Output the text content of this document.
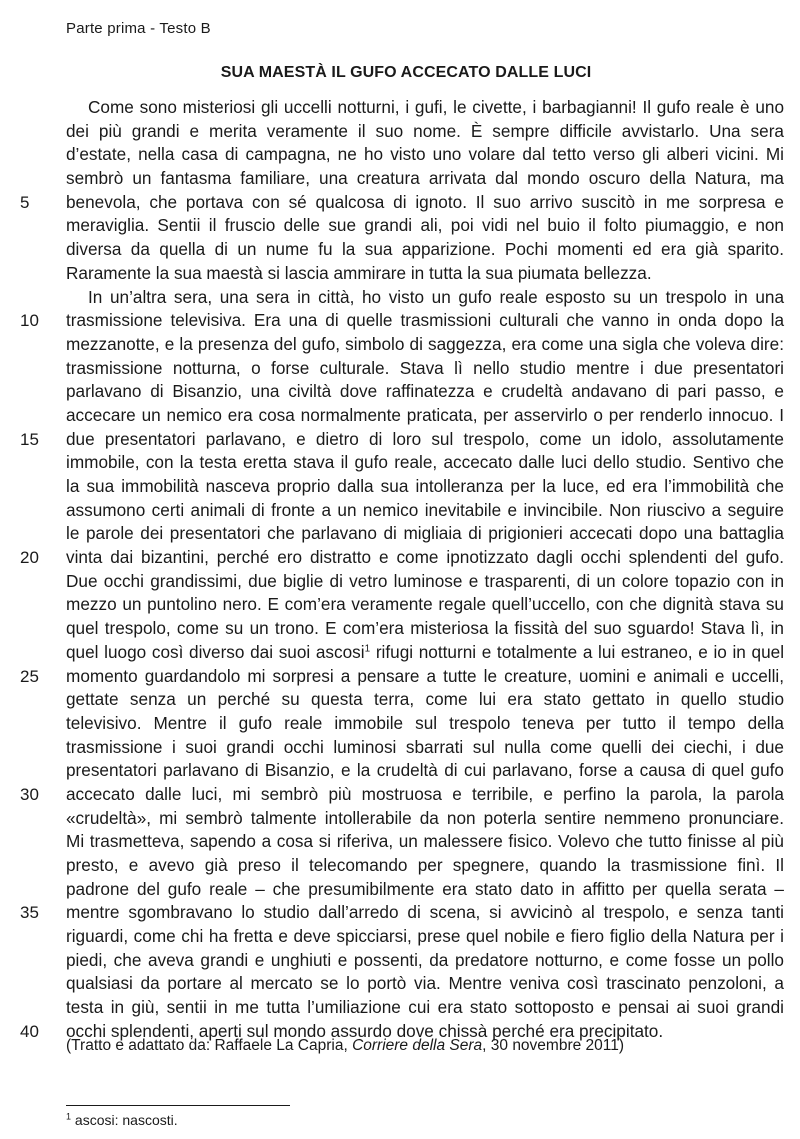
Parte prima - Testo B
SUA MAESTÀ IL GUFO ACCECATO DALLE LUCI
Come sono misteriosi gli uccelli notturni, i gufi, le civette, i barbagianni! Il gufo reale è uno
dei più grandi e merita veramente il suo nome. È sempre difficile avvistarlo. Una sera
d’estate, nella casa di campagna, ne ho visto uno volare dal tetto verso gli alberi vicini. Mi
sembrò un fantasma familiare, una creatura arrivata dal mondo oscuro della Natura, ma
benevola, che portava con sé qualcosa di ignoto. Il suo arrivo suscitò in me sorpresa e
5
meraviglia. Sentii il fruscio delle sue grandi ali, poi vidi nel buio il folto piumaggio, e non
diversa da quella di un nume fu la sua apparizione. Pochi momenti ed era già sparito.
Raramente la sua maestà si lascia ammirare in tutta la sua piumata bellezza.
In un’altra sera, una sera in città, ho visto un gufo reale esposto su un trespolo in una
trasmissione televisiva. Era una di quelle trasmissioni culturali che vanno in onda dopo la
10
mezzanotte, e la presenza del gufo, simbolo di saggezza, era come una sigla che voleva dire:
trasmissione notturna, o forse culturale. Stava lì nello studio mentre i due presentatori
parlavano di Bisanzio, una civiltà dove raffinatezza e crudeltà andavano di pari passo, e
accecare un nemico era cosa normalmente praticata, per asservirlo o per renderlo innocuo. I
due presentatori parlavano, e dietro di loro sul trespolo, come un idolo, assolutamente
15
immobile, con la testa eretta stava il gufo reale, accecato dalle luci dello studio. Sentivo che
la sua immobilità nasceva proprio dalla sua intolleranza per la luce, ed era l’immobilità che
assumono certi animali di fronte a un nemico inevitabile e invincibile. Non riuscivo a seguire
le parole dei presentatori che parlavano di migliaia di prigionieri accecati dopo una battaglia
vinta dai bizantini, perché ero distratto e come ipnotizzato dagli occhi splendenti del gufo.
20
Due occhi grandissimi, due biglie di vetro luminose e trasparenti, di un colore topazio con in
mezzo un puntolino nero. E com’era veramente regale quell’uccello, con che dignità stava su
quel trespolo, come su un trono. E com’era misteriosa la fissità del suo sguardo! Stava lì, in
quel luogo così diverso dai suoi ascosi$^1$ rifugi notturni e totalmente a lui estraneo, e io in quel
momento guardandolo mi sorpresi a pensare a tutte le creature, uomini e animali e uccelli,
25
gettate senza un perché su questa terra, come lui era stato gettato in quello studio
televisivo. Mentre il gufo reale immobile sul trespolo teneva per tutto il tempo della
trasmissione i suoi grandi occhi luminosi sbarrati sul nulla come quelli dei ciechi, i due
presentatori parlavano di Bisanzio, e la crudeltà di cui parlavano, forse a causa di quel gufo
accecato dalle luci, mi sembrò più mostruosa e terribile, e perfino la parola, la parola
30
«crudeltà», mi sembrò talmente intollerabile da non poterla sentire nemmeno pronunciare.
Mi trasmetteva, sapendo a cosa si riferiva, un malessere fisico. Volevo che tutto finisse al più
presto, e avevo già preso il telecomando per spegnere, quando la trasmissione finì. Il
padrone del gufo reale – che presumibilmente era stato dato in affitto per quella serata –
mentre sgombravano lo studio dall’arredo di scena, si avvicinò al trespolo, e senza tanti
35
riguardi, come chi ha fretta e deve spicciarsi, prese quel nobile e fiero figlio della Natura per i
piedi, che aveva grandi e unghiuti e possenti, da predatore notturno, e come fosse un pollo
qualsiasi da portare al mercato se lo portò via. Mentre veniva così trascinato penzoloni, a
testa in giù, sentii in me tutta l’umiliazione cui era stato sottoposto e pensai ai suoi grandi
occhi splendenti, aperti sul mondo assurdo dove chissà perché era precipitato.
40
(Tratto e adattato da: Raffaele La Capria, Corriere della Sera, 30 novembre 2011)
$^1$ ascosi: nascosti.
